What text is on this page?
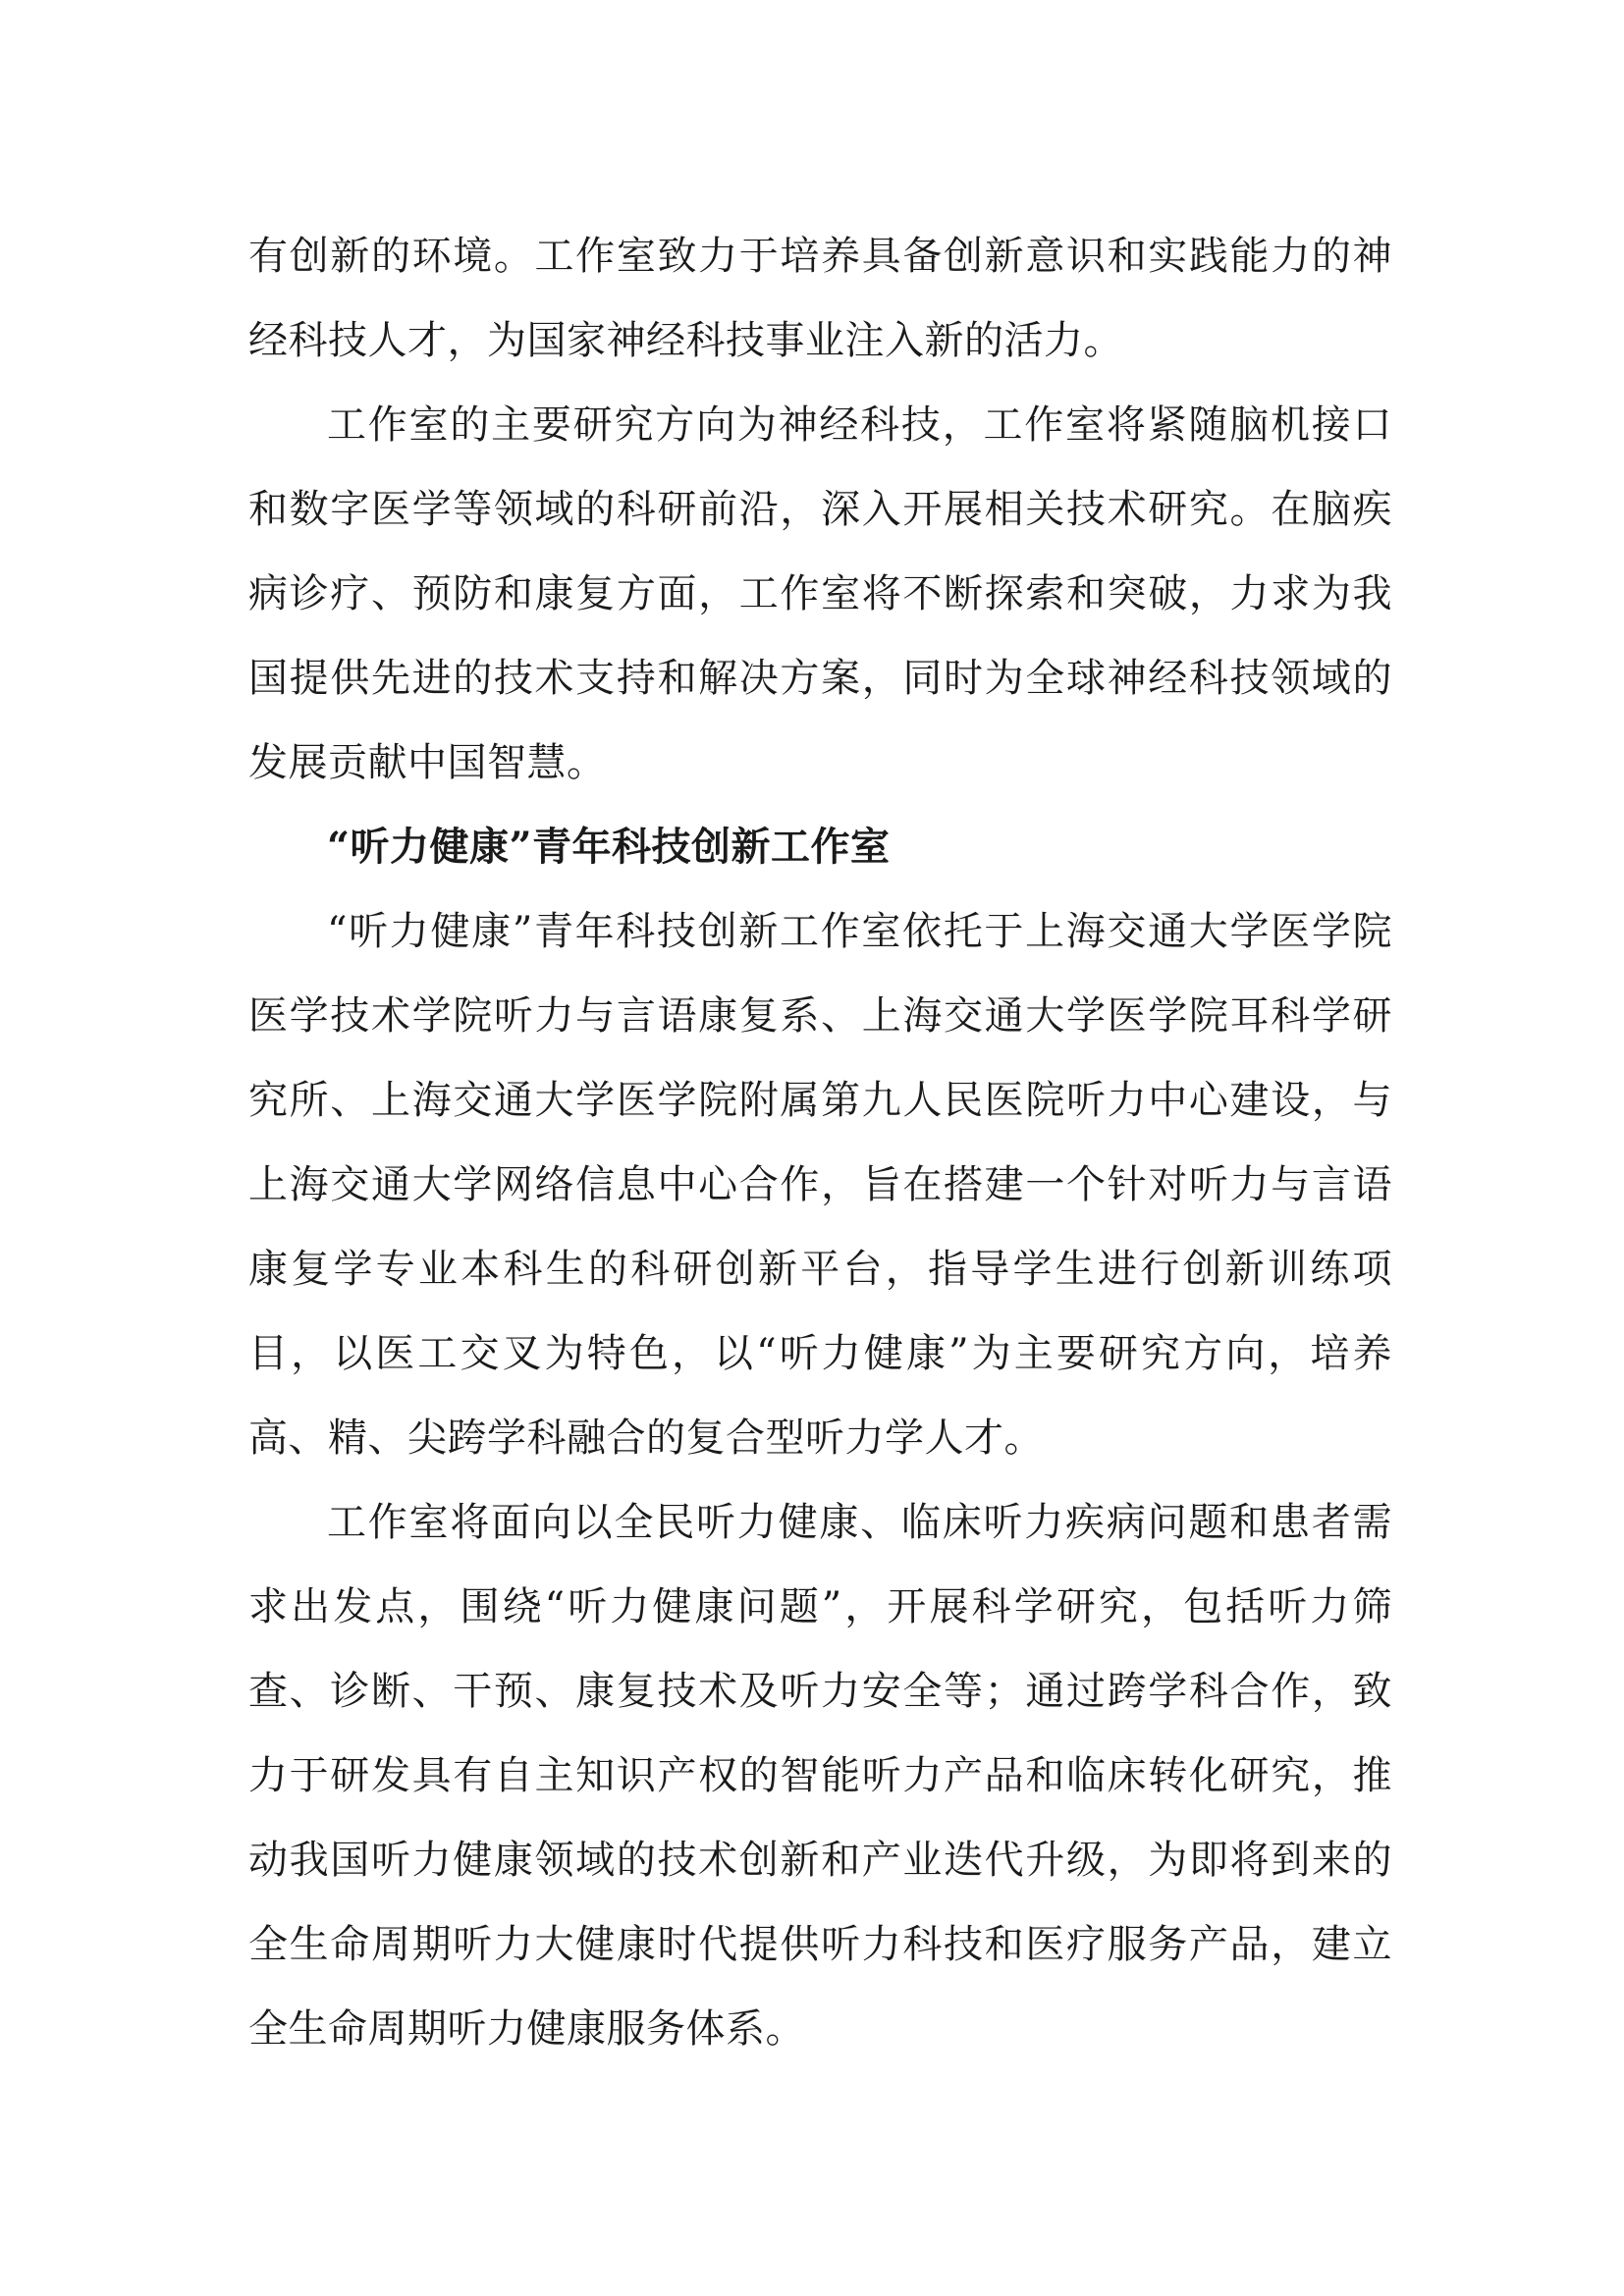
有创新的环境。工作室致力于培养具备创新意识和实践能力的神经科技人才，为国家神经科技事业注入新的活力。

工作室的主要研究方向为神经科技，工作室将紧随脑机接口和数字医学等领域的科研前沿，深入开展相关技术研究。在脑疾病诊疗、预防和康复方面，工作室将不断探索和突破，力求为我国提供先进的技术支持和解决方案，同时为全球神经科技领域的发展贡献中国智慧。

“听力健康”青年科技创新工作室

“听力健康”青年科技创新工作室依托于上海交通大学医学院医学技术学院听力与言语康复系、上海交通大学医学院耳科学研究所、上海交通大学医学院附属第九人民医院听力中心建设，与上海交通大学网络信息中心合作，旨在搭建一个针对听力与言语康复学专业本科生的科研创新平台，指导学生进行创新训练项目，以医工交叉为特色，以“听力健康”为主要研究方向，培养高、精、尖跨学科融合的复合型听力学人才。

工作室将面向以全民听力健康、临床听力疾病问题和患者需求出发点，围绕“听力健康问题”，开展科学研究，包括听力筛查、诊断、干预、康复技术及听力安全等；通过跨学科合作，致力于研发具有自主知识产权的智能听力产品和临床转化研究，推动我国听力健康领域的技术创新和产业迭代升级，为即将到来的全生命周期听力大健康时代提供听力科技和医疗服务产品，建立全生命周期听力健康服务体系。
